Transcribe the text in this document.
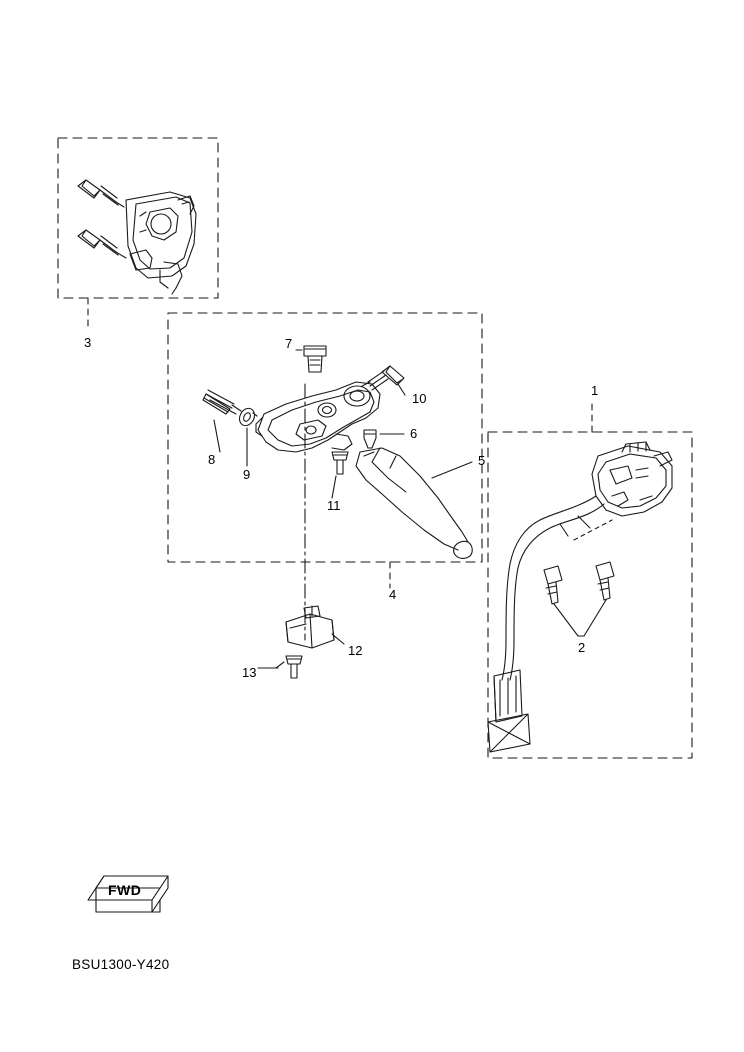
1
2
3
4
5
6
7
8
9
10
11
12
13
FWD
BSU1300-Y420
